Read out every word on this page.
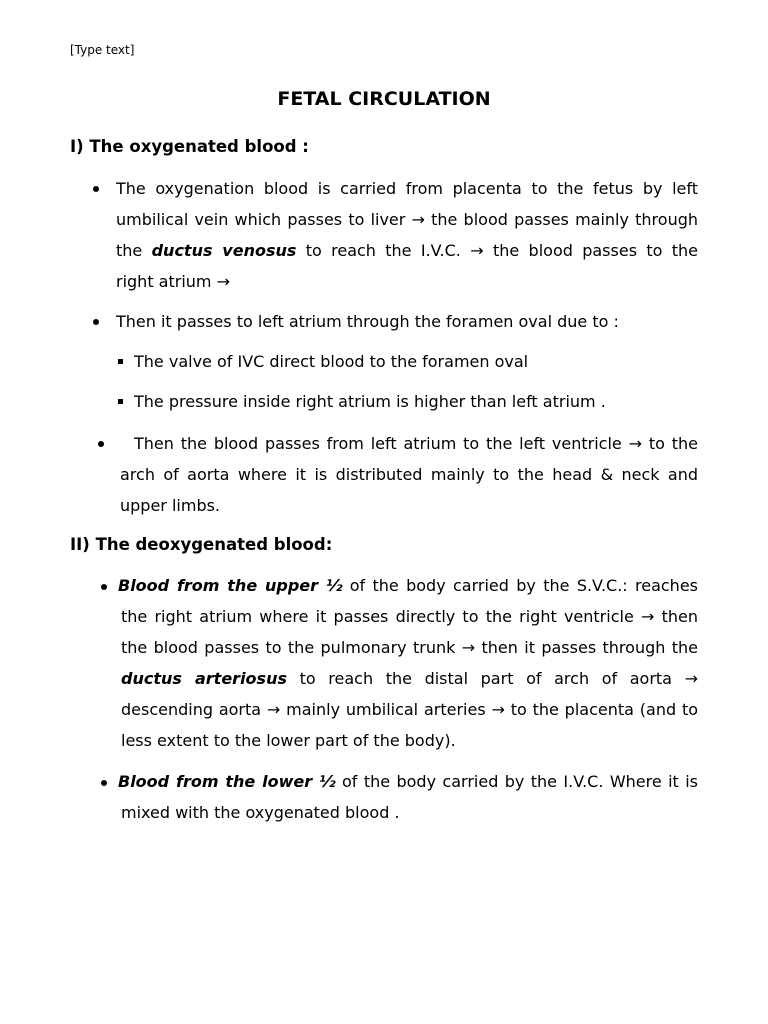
[Type text]
FETAL CIRCULATION
I) The oxygenated blood :
The oxygenation blood is carried from placenta to the fetus by left
umbilical vein which passes to liver → the blood passes mainly through
the ductus venosus to reach the I.V.C. → the blood passes to the
right atrium →
Then it passes to left atrium through the foramen oval due to :
The valve of IVC direct blood to the foramen oval
The pressure inside right atrium is higher than left atrium .
Then the blood passes from left atrium to the left ventricle → to the
arch of aorta where it is distributed mainly to the head & neck and
upper limbs.
II) The deoxygenated blood:
Blood from the upper ½ of the body carried by the S.V.C.: reaches
the right atrium where it passes directly to the right ventricle → then
the blood passes to the pulmonary trunk → then it passes through the
ductus arteriosus to reach the distal part of arch of aorta →
descending aorta → mainly umbilical arteries → to the placenta (and to
less extent to the lower part of the body).
Blood from the lower ½ of the body carried by the I.V.C. Where it is
mixed with the oxygenated blood .
